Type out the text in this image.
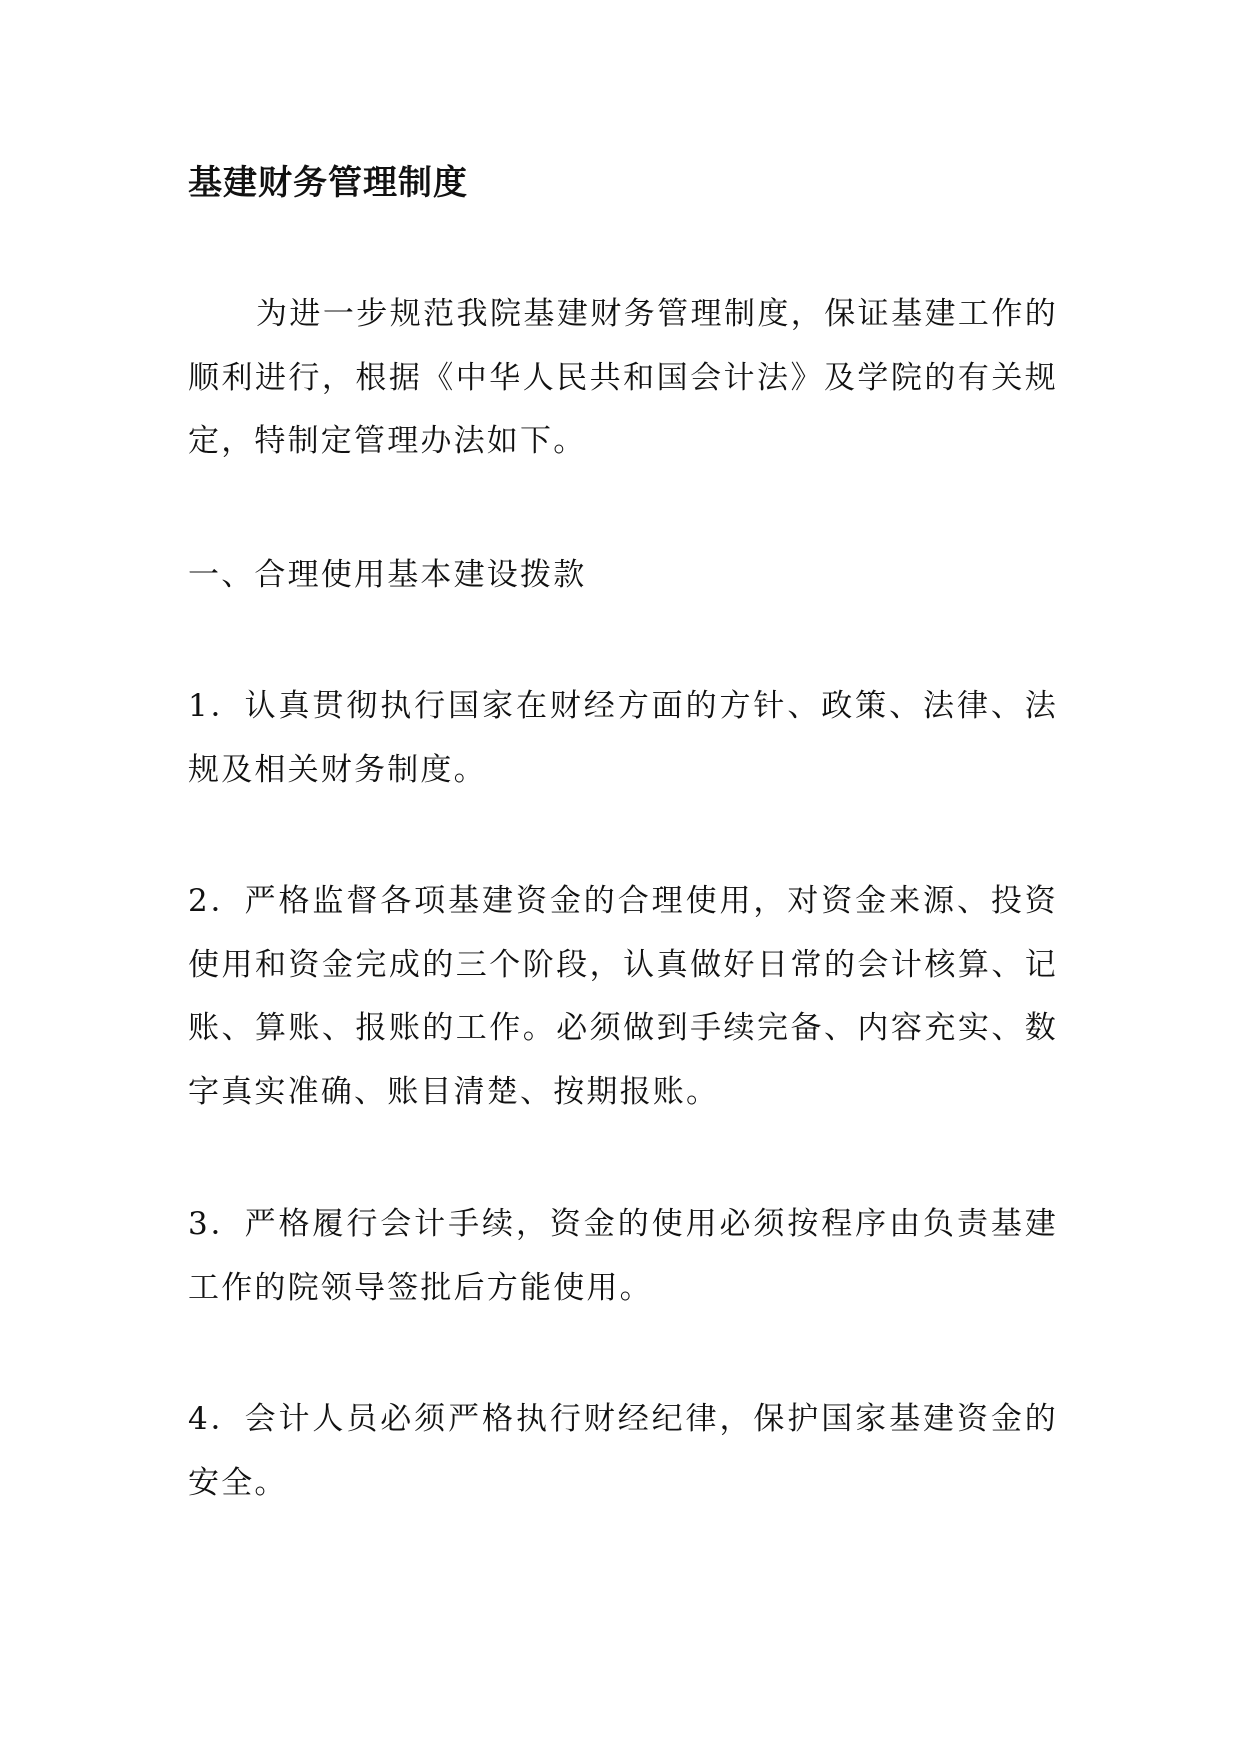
基建财务管理制度
为进一步规范我院基建财务管理制度，保证基建工作的顺利进行，根据《中华人民共和国会计法》及学院的有关规定，特制定管理办法如下。
一、合理使用基本建设拨款
1．认真贯彻执行国家在财经方面的方针、政策、法律、法规及相关财务制度。
2．严格监督各项基建资金的合理使用，对资金来源、投资使用和资金完成的三个阶段，认真做好日常的会计核算、记账、算账、报账的工作。必须做到手续完备、内容充实、数字真实准确、账目清楚、按期报账。
3．严格履行会计手续，资金的使用必须按程序由负责基建工作的院领导签批后方能使用。
4．会计人员必须严格执行财经纪律，保护国家基建资金的安全。
